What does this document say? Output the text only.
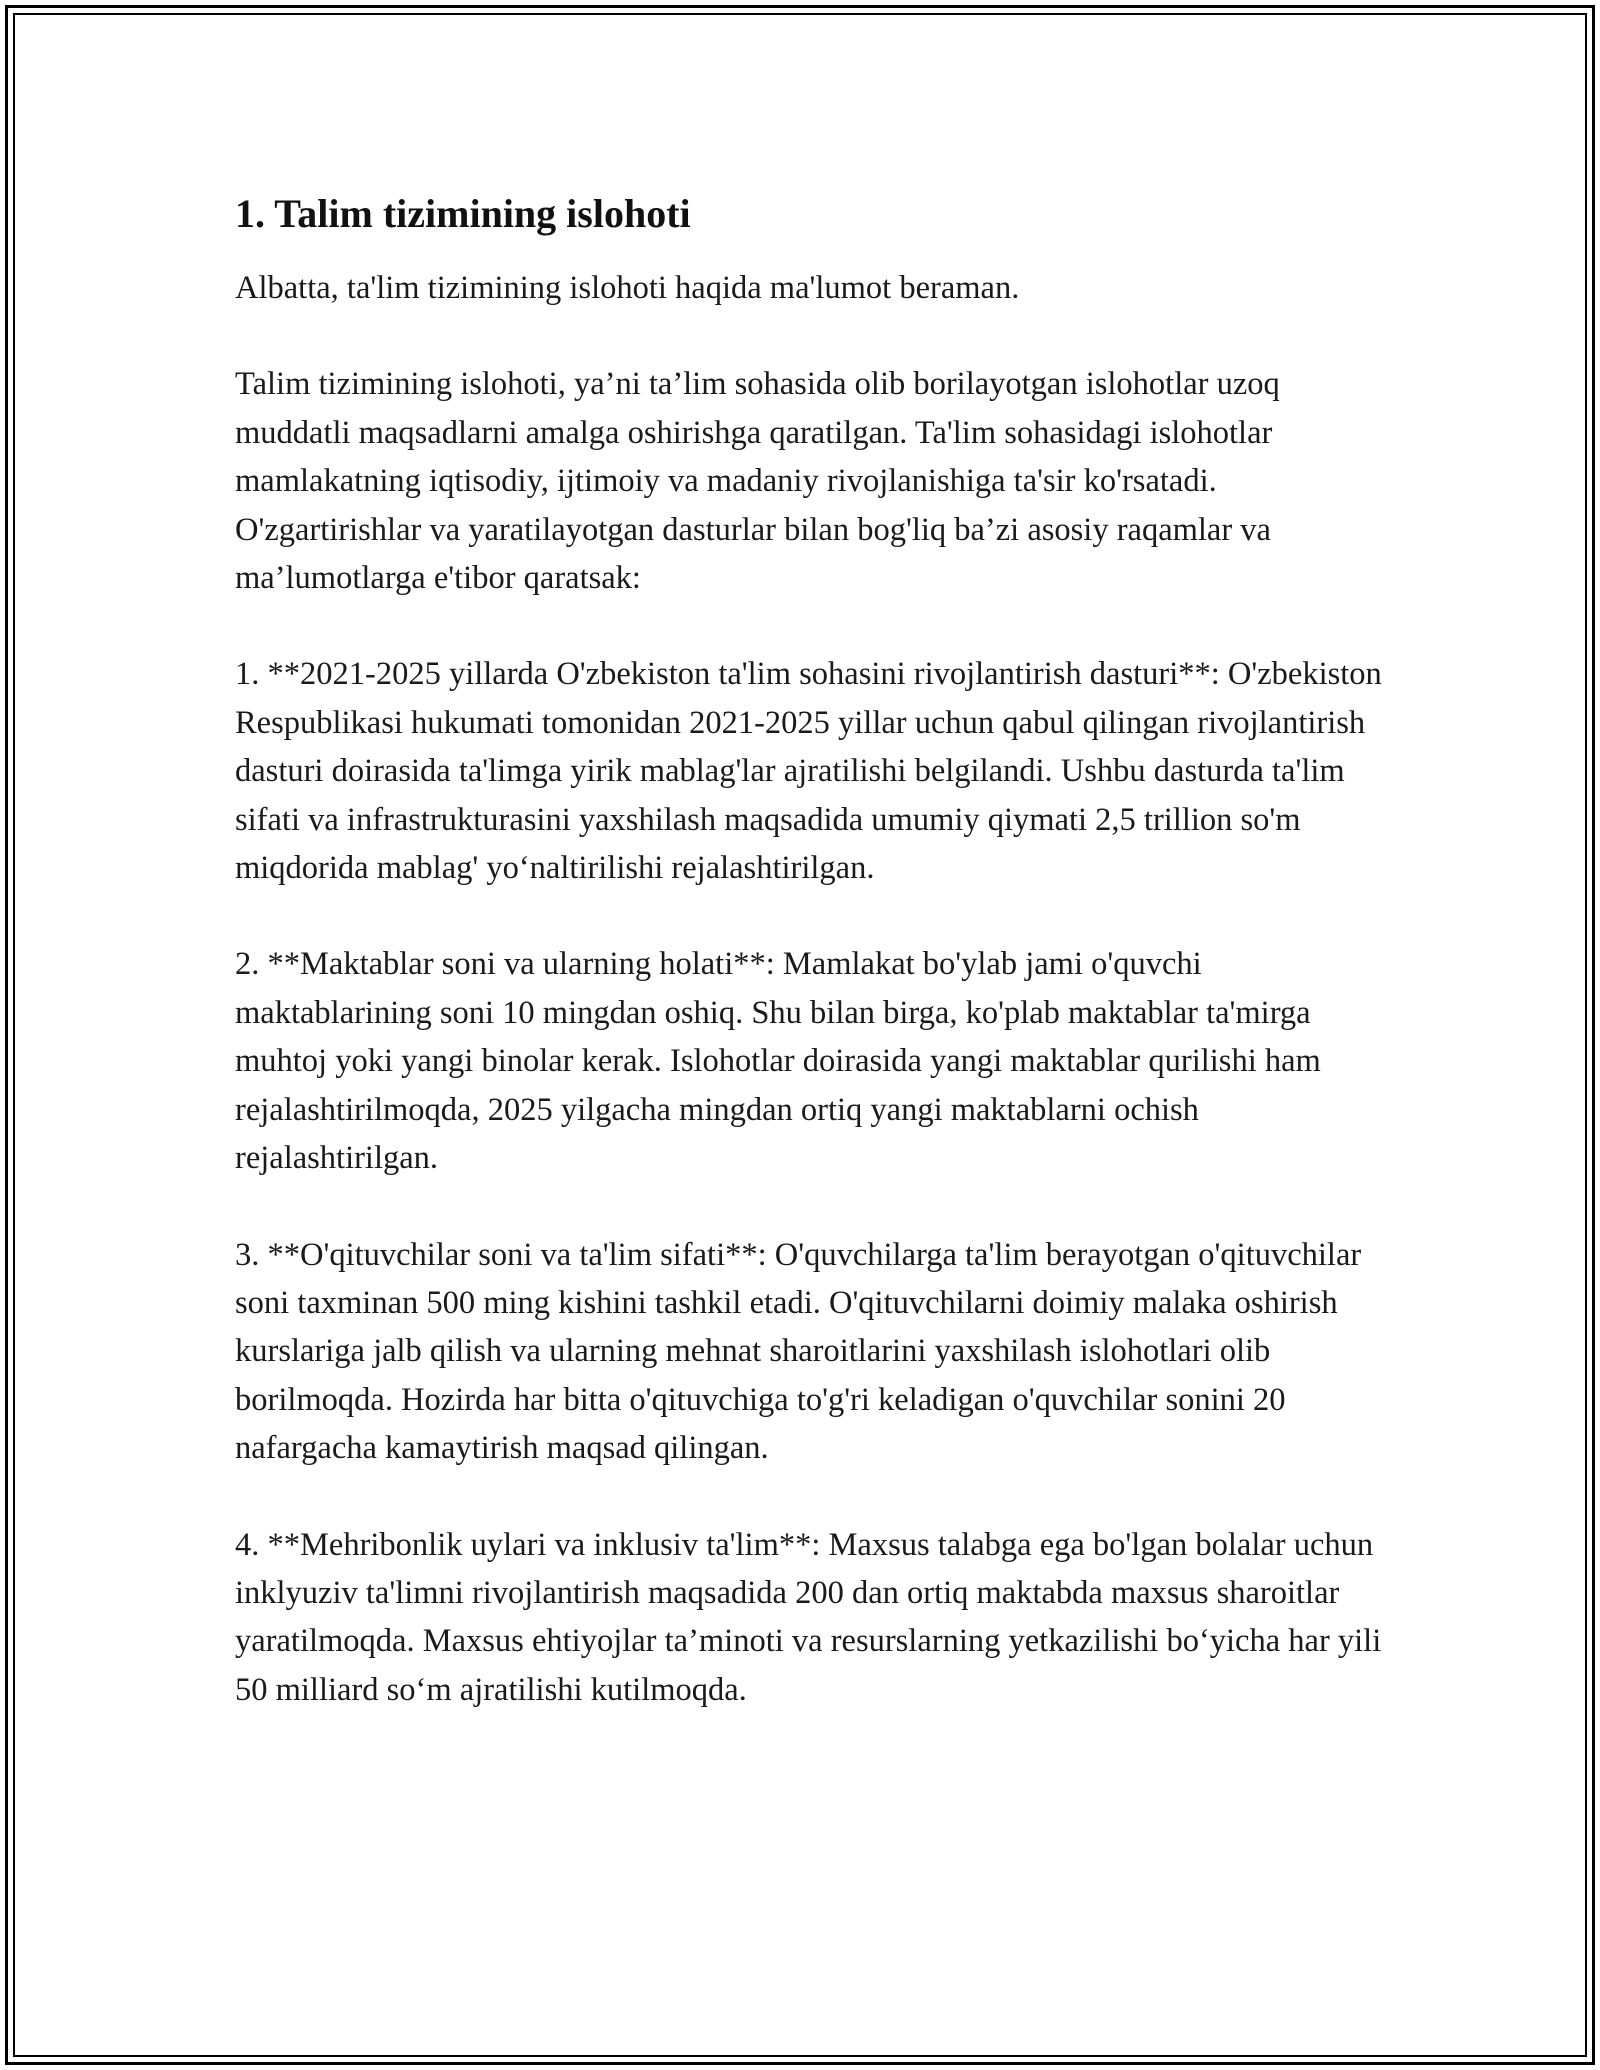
1. Talim tizimining islohoti

Albatta, ta'lim tizimining islohoti haqida ma'lumot beraman.

Talim tizimining islohoti, ya’ni ta’lim sohasida olib borilayotgan islohotlar uzoq muddatli maqsadlarni amalga oshirishga qaratilgan. Ta'lim sohasidagi islohotlar mamlakatning iqtisodiy, ijtimoiy va madaniy rivojlanishiga ta'sir ko'rsatadi. O'zgartirishlar va yaratilayotgan dasturlar bilan bog'liq ba’zi asosiy raqamlar va ma’lumotlarga e'tibor qaratsak:

1. **2021-2025 yillarda O'zbekiston ta'lim sohasini rivojlantirish dasturi**: O'zbekiston Respublikasi hukumati tomonidan 2021-2025 yillar uchun qabul qilingan rivojlantirish dasturi doirasida ta'limga yirik mablag'lar ajratilishi belgilandi. Ushbu dasturda ta'lim sifati va infrastrukturasini yaxshilash maqsadida umumiy qiymati 2,5 trillion so'm miqdorida mablag' yo‘naltirilishi rejalashtirilgan.

2. **Maktablar soni va ularning holati**: Mamlakat bo'ylab jami o'quvchi maktablarining soni 10 mingdan oshiq. Shu bilan birga, ko'plab maktablar ta'mirga muhtoj yoki yangi binolar kerak. Islohotlar doirasida yangi maktablar qurilishi ham rejalashtirilmoqda, 2025 yilgacha mingdan ortiq yangi maktablarni ochish rejalashtirilgan.

3. **O'qituvchilar soni va ta'lim sifati**: O'quvchilarga ta'lim berayotgan o'qituvchilar soni taxminan 500 ming kishini tashkil etadi. O'qituvchilarni doimiy malaka oshirish kurslariga jalb qilish va ularning mehnat sharoitlarini yaxshilash islohotlari olib borilmoqda. Hozirda har bitta o'qituvchiga to'g'ri keladigan o'quvchilar sonini 20 nafargacha kamaytirish maqsad qilingan.

4. **Mehribonlik uylari va inklusiv ta'lim**: Maxsus talabga ega bo'lgan bolalar uchun inklyuziv ta'limni rivojlantirish maqsadida 200 dan ortiq maktabda maxsus sharoitlar yaratilmoqda. Maxsus ehtiyojlar ta’minoti va resurslarning yetkazilishi bo‘yicha har yili 50 milliard so‘m ajratilishi kutilmoqda.
